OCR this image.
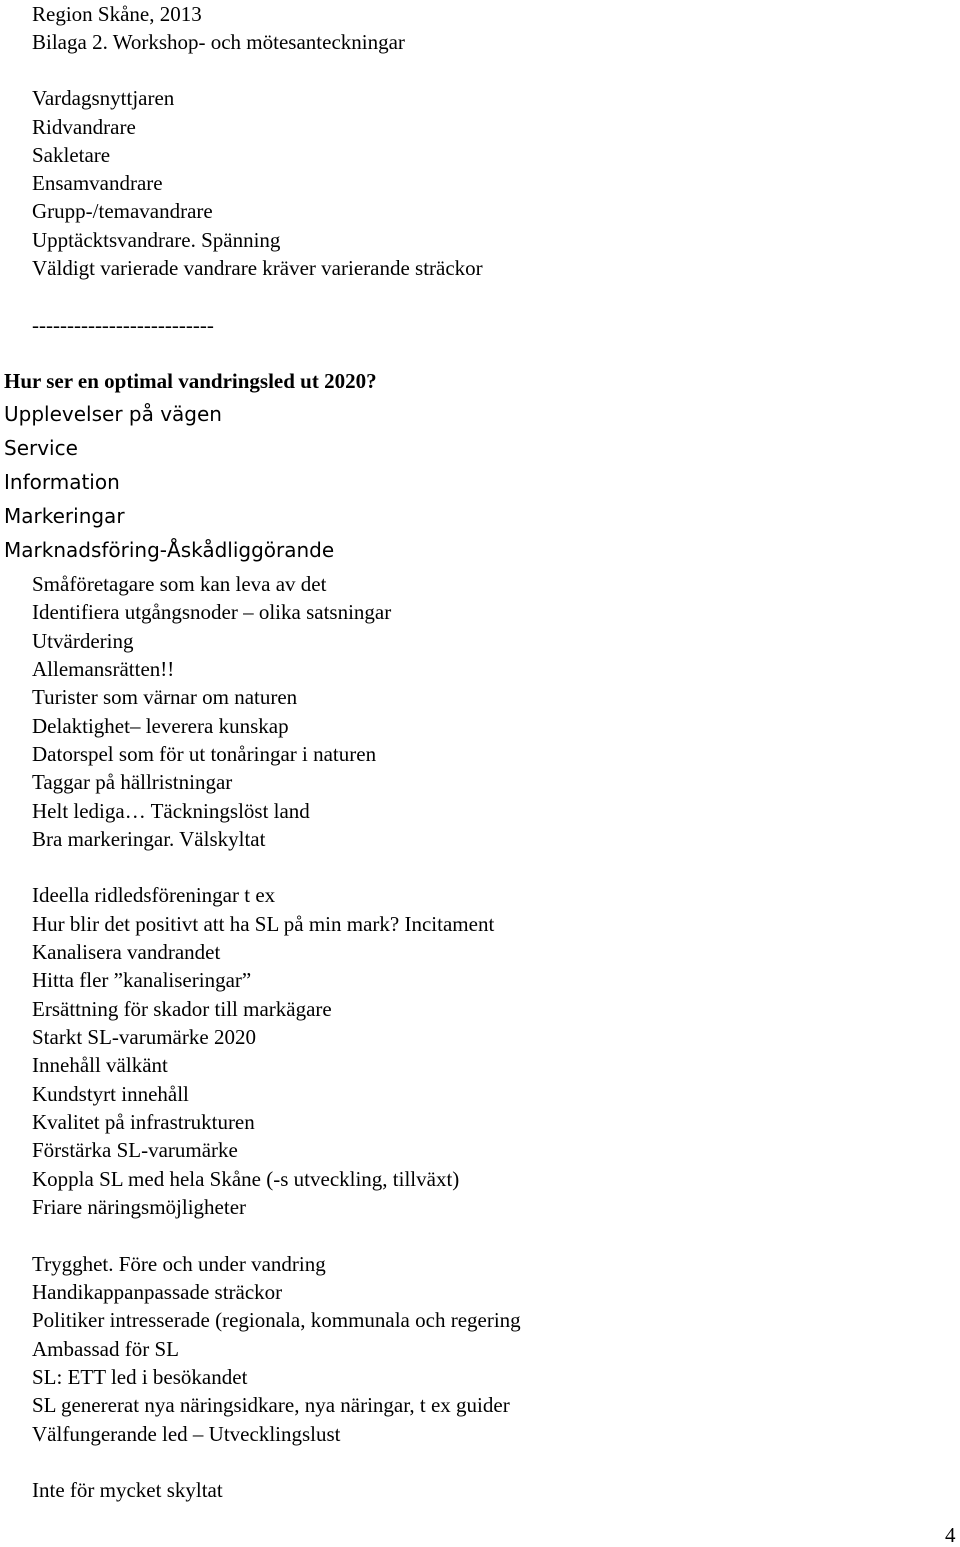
Region Skåne, 2013
Bilaga 2. Workshop- och mötesanteckningar
Vardagsnyttjaren
Ridvandrare
Sakletare
Ensamvandrare
Grupp-/temavandrare
Upptäcktsvandrare. Spänning
Väldigt varierade vandrare kräver varierande sträckor
--------------------------
Hur ser en optimal vandringsled ut 2020?
Upplevelser på vägen
Service
Information
Markeringar
Marknadsföring-Åskådliggörande
Småföretagare som kan leva av det
Identifiera utgångsnoder – olika satsningar
Utvärdering
Allemansrätten!!
Turister som värnar om naturen
Delaktighet– leverera kunskap
Datorspel som för ut tonåringar i naturen
Taggar på hällristningar
Helt lediga… Täckningslöst land
Bra markeringar. Välskyltat
Ideella ridledsföreningar t ex
Hur blir det positivt att ha SL på min mark? Incitament
Kanalisera vandrandet
Hitta fler ”kanaliseringar”
Ersättning för skador till markägare
Starkt SL-varumärke 2020
Innehåll välkänt
Kundstyrt innehåll
Kvalitet på infrastrukturen
Förstärka SL-varumärke
Koppla SL med hela Skåne (-s utveckling, tillväxt)
Friare näringsmöjligheter
Trygghet. Före och under vandring
Handikappanpassade sträckor
Politiker intresserade (regionala, kommunala och regering
Ambassad för SL
SL: ETT led i besökandet
SL genererat nya näringsidkare, nya näringar, t ex guider
Välfungerande led – Utvecklingslust
Inte för mycket skyltat
4
